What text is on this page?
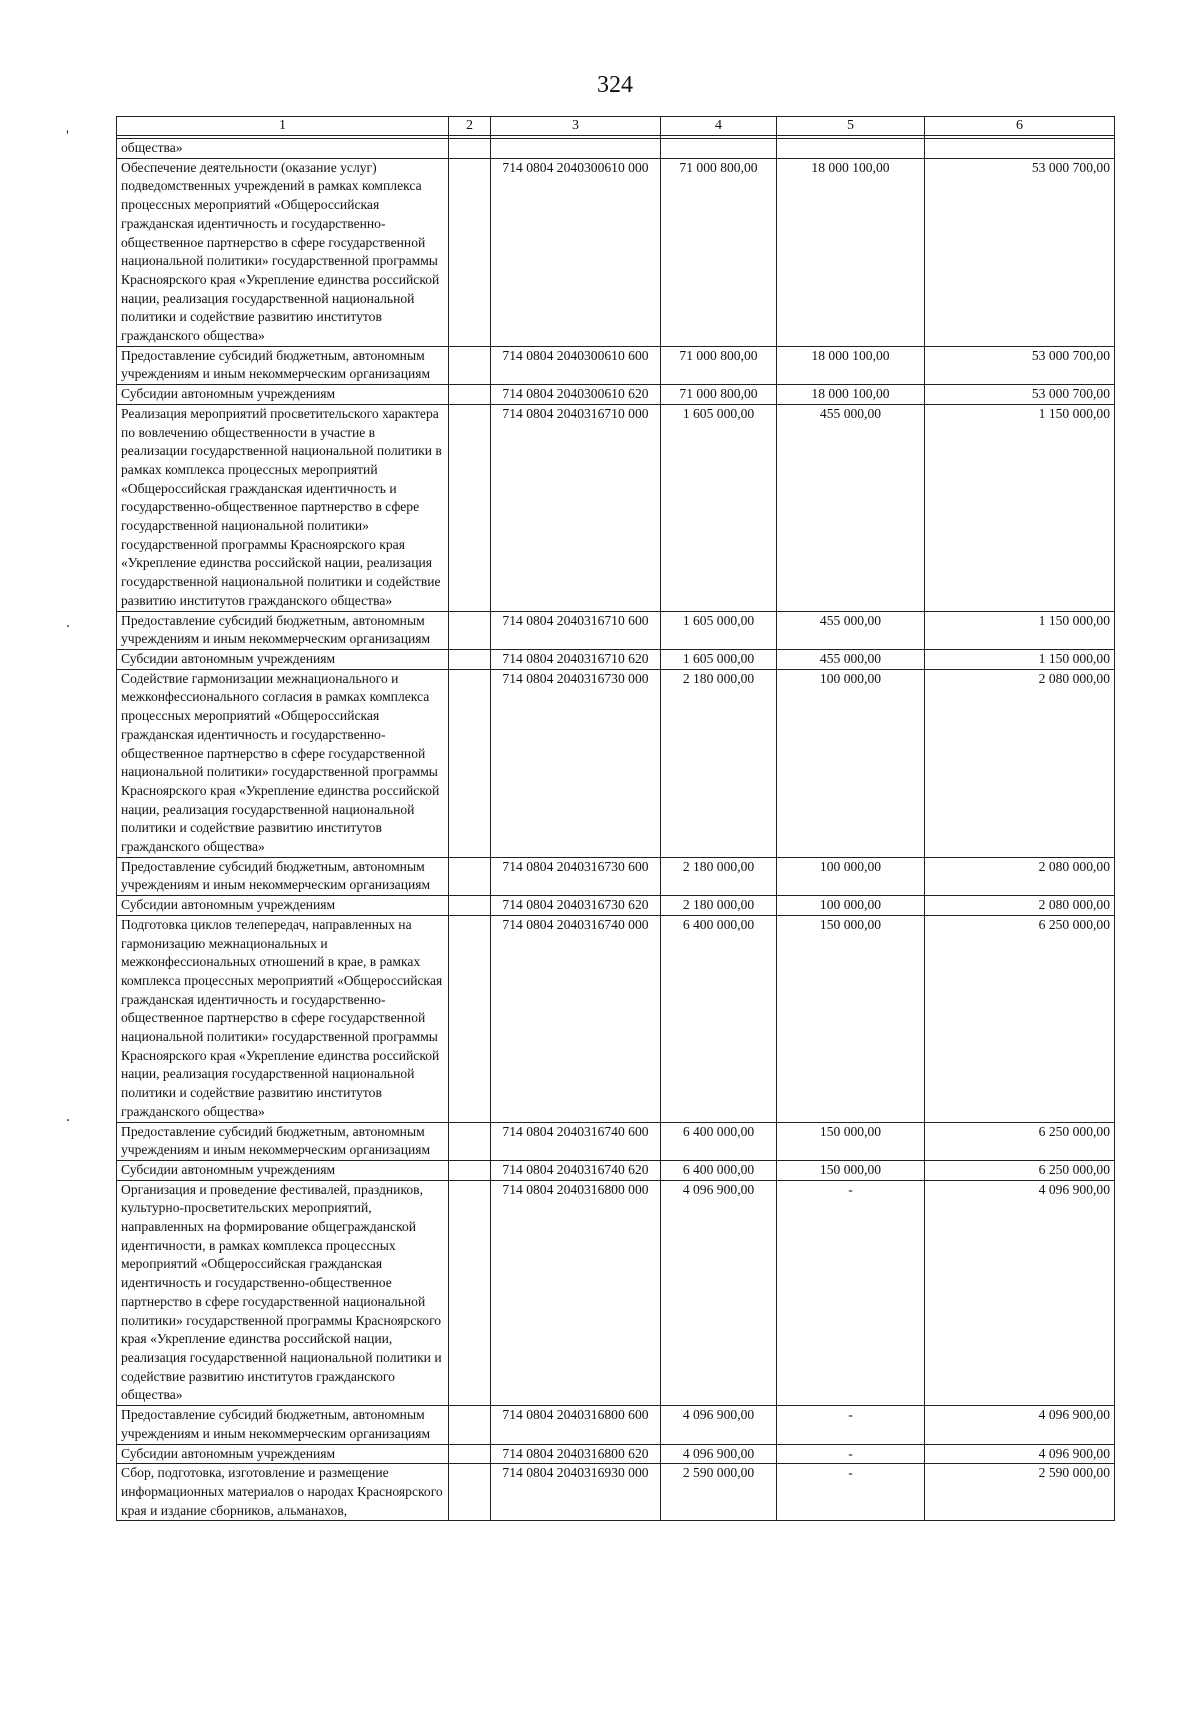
324
'
.
.
1	2	3	4	5	6

общества»					
Обеспечение деятельности (оказание услуг) подведомственных учреждений в рамках комплекса процессных мероприятий «Общероссийская гражданская идентичность и государственно-общественное партнерство в сфере государственной национальной политики» государственной программы Красноярского края «Укрепление единства российской нации, реализация государственной национальной политики и содействие развитию институтов гражданского общества»		714 0804 2040300610 000	71 000 800,00	18 000 100,00	53 000 700,00
Предоставление субсидий бюджетным, автономным учреждениям и иным некоммерческим организациям		714 0804 2040300610 600	71 000 800,00	18 000 100,00	53 000 700,00
Субсидии автономным учреждениям		714 0804 2040300610 620	71 000 800,00	18 000 100,00	53 000 700,00
Реализация мероприятий просветительского характера по вовлечению общественности в участие в реализации государственной национальной политики в рамках комплекса процессных мероприятий «Общероссийская гражданская идентичность и государственно-общественное партнерство в сфере государственной национальной политики» государственной программы Красноярского края «Укрепление единства российской нации, реализация государственной национальной политики и содействие развитию институтов гражданского общества»		714 0804 2040316710 000	1 605 000,00	455 000,00	1 150 000,00
Предоставление субсидий бюджетным, автономным учреждениям и иным некоммерческим организациям		714 0804 2040316710 600	1 605 000,00	455 000,00	1 150 000,00
Субсидии автономным учреждениям		714 0804 2040316710 620	1 605 000,00	455 000,00	1 150 000,00
Содействие гармонизации межнационального и межконфессионального согласия в рамках комплекса процессных мероприятий «Общероссийская гражданская идентичность и государственно-общественное партнерство в сфере государственной национальной политики» государственной программы Красноярского края «Укрепление единства российской нации, реализация государственной национальной политики и содействие развитию институтов гражданского общества»		714 0804 2040316730 000	2 180 000,00	100 000,00	2 080 000,00
Предоставление субсидий бюджетным, автономным учреждениям и иным некоммерческим организациям		714 0804 2040316730 600	2 180 000,00	100 000,00	2 080 000,00
Субсидии автономным учреждениям		714 0804 2040316730 620	2 180 000,00	100 000,00	2 080 000,00
Подготовка циклов телепередач, направленных на гармонизацию межнациональных и межконфессиональных отношений в крае, в рамках комплекса процессных мероприятий «Общероссийская гражданская идентичность и государственно-общественное партнерство в сфере государственной национальной политики» государственной программы Красноярского края «Укрепление единства российской нации, реализация государственной национальной политики и содействие развитию институтов гражданского общества»		714 0804 2040316740 000	6 400 000,00	150 000,00	6 250 000,00
Предоставление субсидий бюджетным, автономным учреждениям и иным некоммерческим организациям		714 0804 2040316740 600	6 400 000,00	150 000,00	6 250 000,00
Субсидии автономным учреждениям		714 0804 2040316740 620	6 400 000,00	150 000,00	6 250 000,00
Организация и проведение фестивалей, праздников, культурно-просветительских мероприятий, направленных на формирование общегражданской идентичности, в рамках комплекса процессных мероприятий «Общероссийская гражданская идентичность и государственно-общественное партнерство в сфере государственной национальной политики» государственной программы Красноярского края «Укрепление единства российской нации, реализация государственной национальной политики и содействие развитию институтов гражданского общества»		714 0804 2040316800 000	4 096 900,00	-	4 096 900,00
Предоставление субсидий бюджетным, автономным учреждениям и иным некоммерческим организациям		714 0804 2040316800 600	4 096 900,00	-	4 096 900,00
Субсидии автономным учреждениям		714 0804 2040316800 620	4 096 900,00	-	4 096 900,00
Сбор, подготовка, изготовление и размещение информационных материалов о народах Красноярского края и издание сборников, альманахов,		714 0804 2040316930 000	2 590 000,00	-	2 590 000,00
